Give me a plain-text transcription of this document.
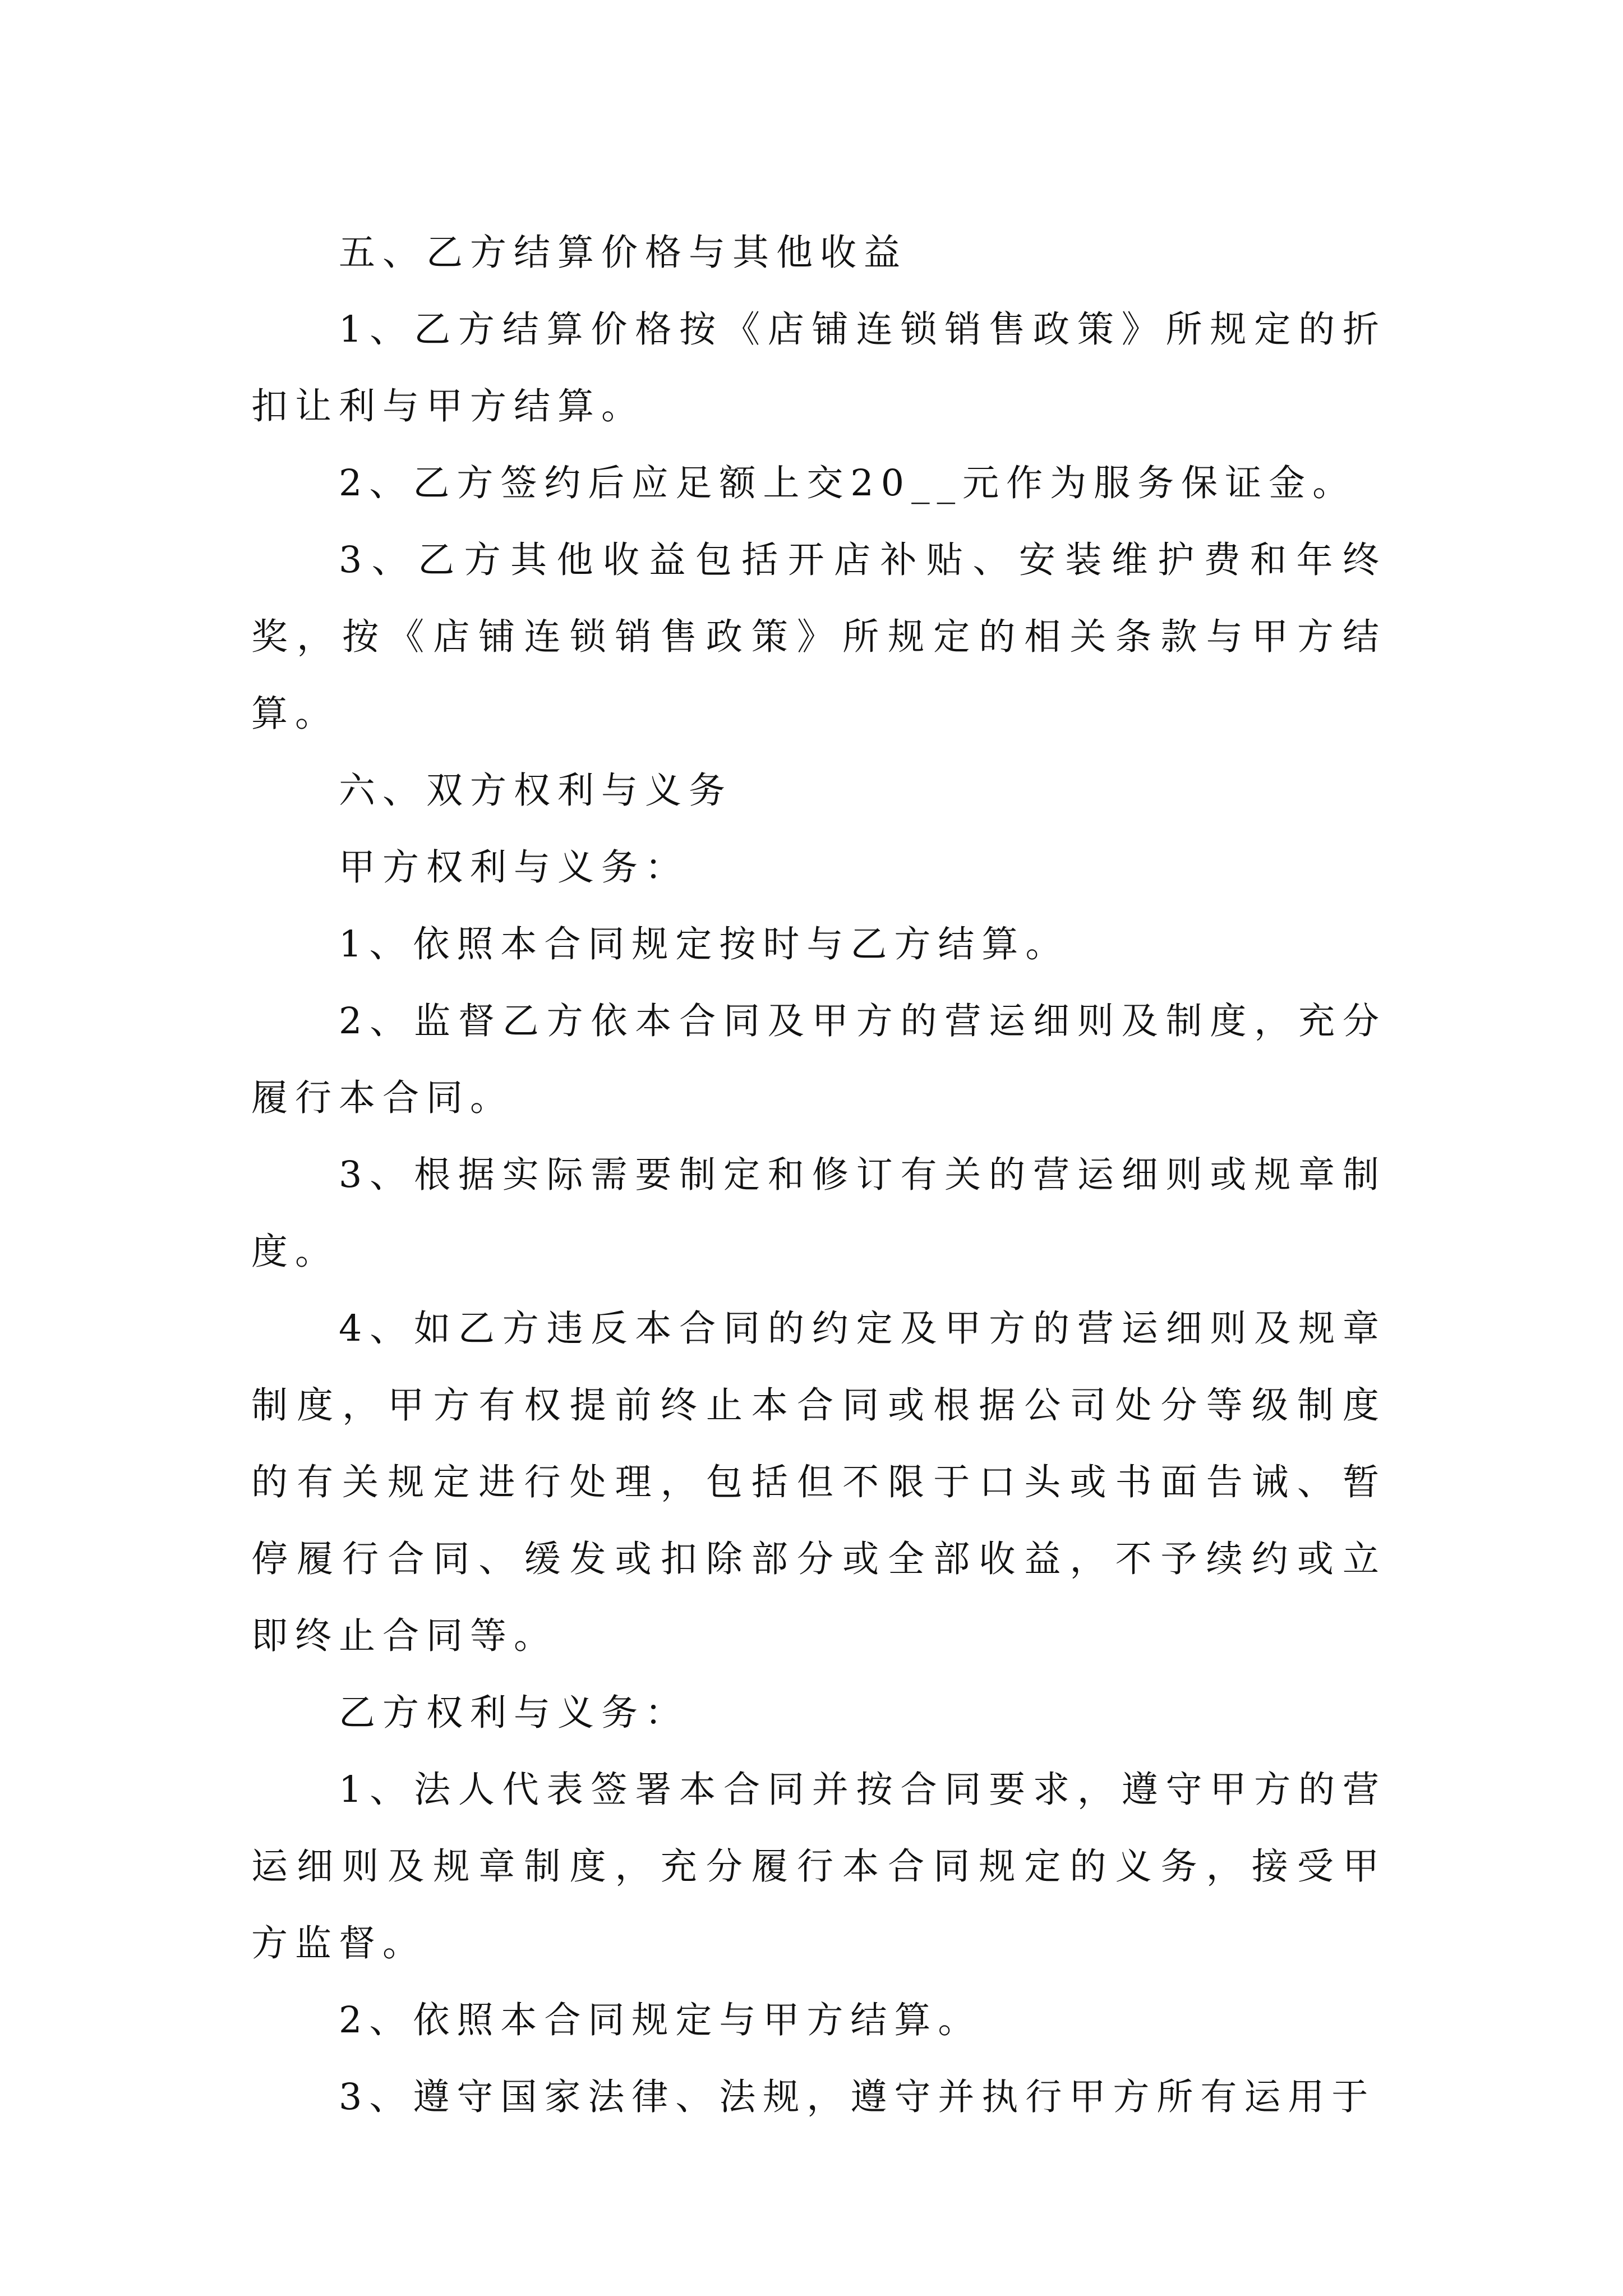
五、乙方结算价格与其他收益

1、乙方结算价格按《店铺连锁销售政策》所规定的折扣让利与甲方结算。

2、乙方签约后应足额上交20__元作为服务保证金。

3、乙方其他收益包括开店补贴、安装维护费和年终奖，按《店铺连锁销售政策》所规定的相关条款与甲方结算。

六、双方权利与义务

甲方权利与义务：

1、依照本合同规定按时与乙方结算。

2、监督乙方依本合同及甲方的营运细则及制度，充分履行本合同。

3、根据实际需要制定和修订有关的营运细则或规章制度。

4、如乙方违反本合同的约定及甲方的营运细则及规章制度，甲方有权提前终止本合同或根据公司处分等级制度的有关规定进行处理，包括但不限于口头或书面告诫、暂停履行合同、缓发或扣除部分或全部收益，不予续约或立即终止合同等。

乙方权利与义务：

1、法人代表签署本合同并按合同要求，遵守甲方的营运细则及规章制度，充分履行本合同规定的义务，接受甲方监督。

2、依照本合同规定与甲方结算。

3、遵守国家法律、法规，遵守并执行甲方所有运用于
